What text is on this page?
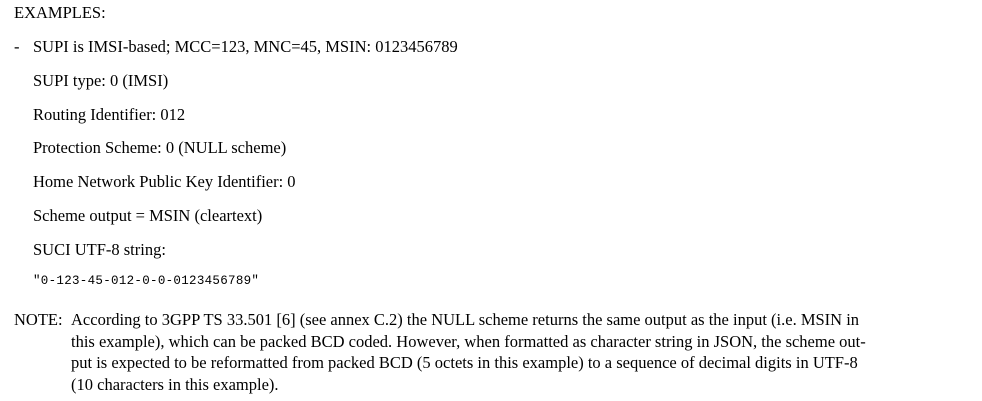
EXAMPLES:
- SUPI is IMSI-based; MCC=123, MNC=45, MSIN: 0123456789
SUPI type: 0 (IMSI)
Routing Identifier: 012
Protection Scheme: 0 (NULL scheme)
Home Network Public Key Identifier: 0
Scheme output = MSIN (cleartext)
SUCI UTF-8 string:
"0-123-45-012-0-0-0123456789"
NOTE: According to 3GPP TS 33.501 [6] (see annex C.2) the NULL scheme returns the same output as the input (i.e. MSIN in
this example), which can be packed BCD coded. However, when formatted as character string in JSON, the scheme out-
put is expected to be reformatted from packed BCD (5 octets in this example) to a sequence of decimal digits in UTF-8
(10 characters in this example).
